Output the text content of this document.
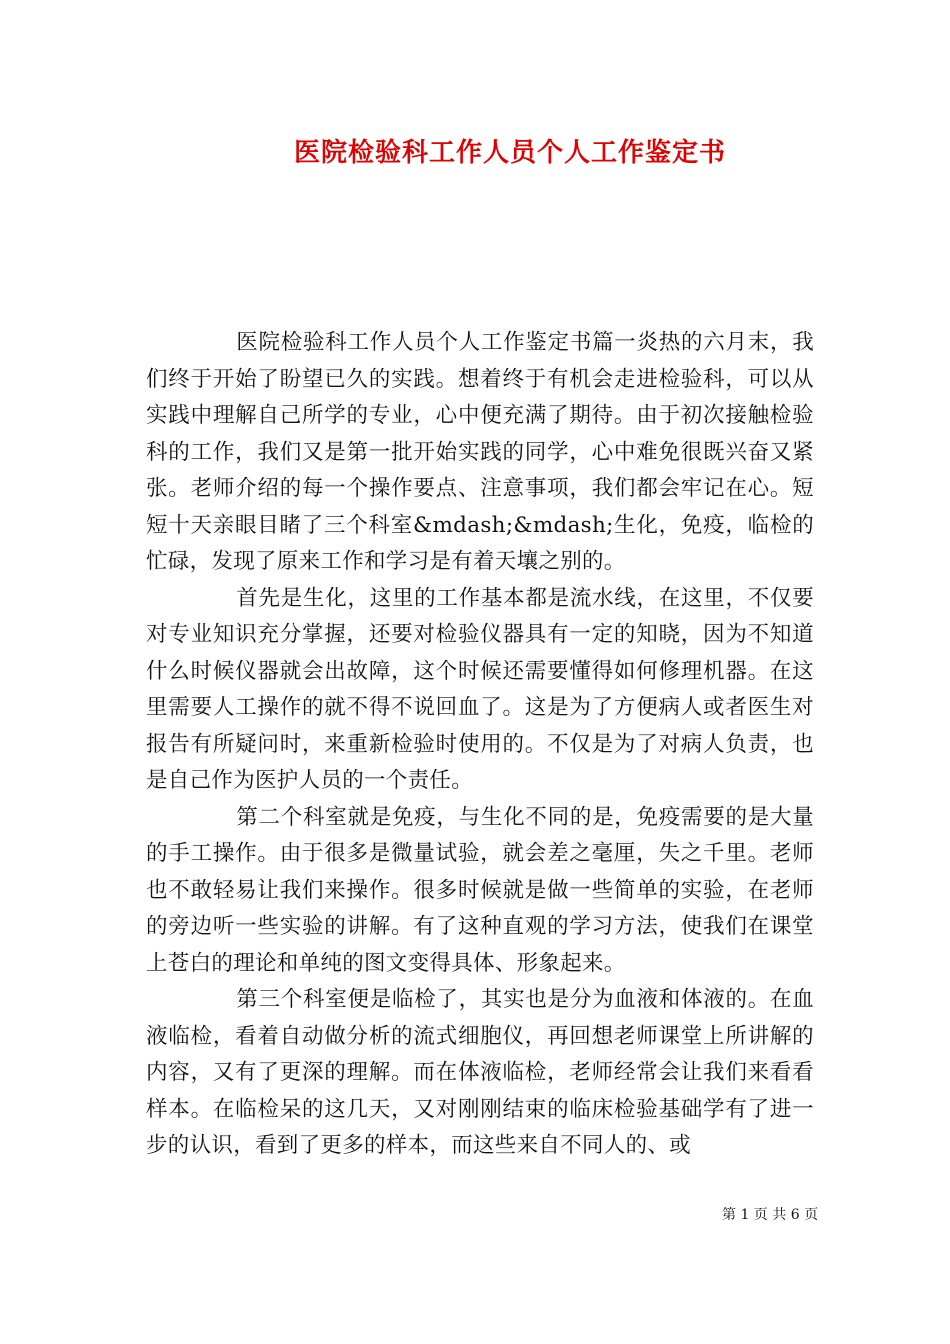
医院检验科工作人员个人工作鉴定书

医院检验科工作人员个人工作鉴定书篇一炎热的六月末，我们终于开始了盼望已久的实践。想着终于有机会走进检验科，可以从实践中理解自己所学的专业，心中便充满了期待。由于初次接触检验科的工作，我们又是第一批开始实践的同学，心中难免很既兴奋又紧张。老师介绍的每一个操作要点、注意事项，我们都会牢记在心。短短十天亲眼目睹了三个科室&mdash;&mdash;生化，免疫，临检的忙碌，发现了原来工作和学习是有着天壤之别的。

首先是生化，这里的工作基本都是流水线，在这里，不仅要对专业知识充分掌握，还要对检验仪器具有一定的知晓，因为不知道什么时候仪器就会出故障，这个时候还需要懂得如何修理机器。在这里需要人工操作的就不得不说回血了。这是为了方便病人或者医生对报告有所疑问时，来重新检验时使用的。不仅是为了对病人负责，也是自己作为医护人员的一个责任。

第二个科室就是免疫，与生化不同的是，免疫需要的是大量的手工操作。由于很多是微量试验，就会差之毫厘，失之千里。老师也不敢轻易让我们来操作。很多时候就是做一些简单的实验，在老师的旁边听一些实验的讲解。有了这种直观的学习方法，使我们在课堂上苍白的理论和单纯的图文变得具体、形象起来。

第三个科室便是临检了，其实也是分为血液和体液的。在血液临检，看着自动做分析的流式细胞仪，再回想老师课堂上所讲解的内容，又有了更深的理解。而在体液临检，老师经常会让我们来看看样本。在临检呆的这几天，又对刚刚结束的临床检验基础学有了进一步的认识，看到了更多的样本，而这些来自不同人的、或

第 1 页 共 6 页
